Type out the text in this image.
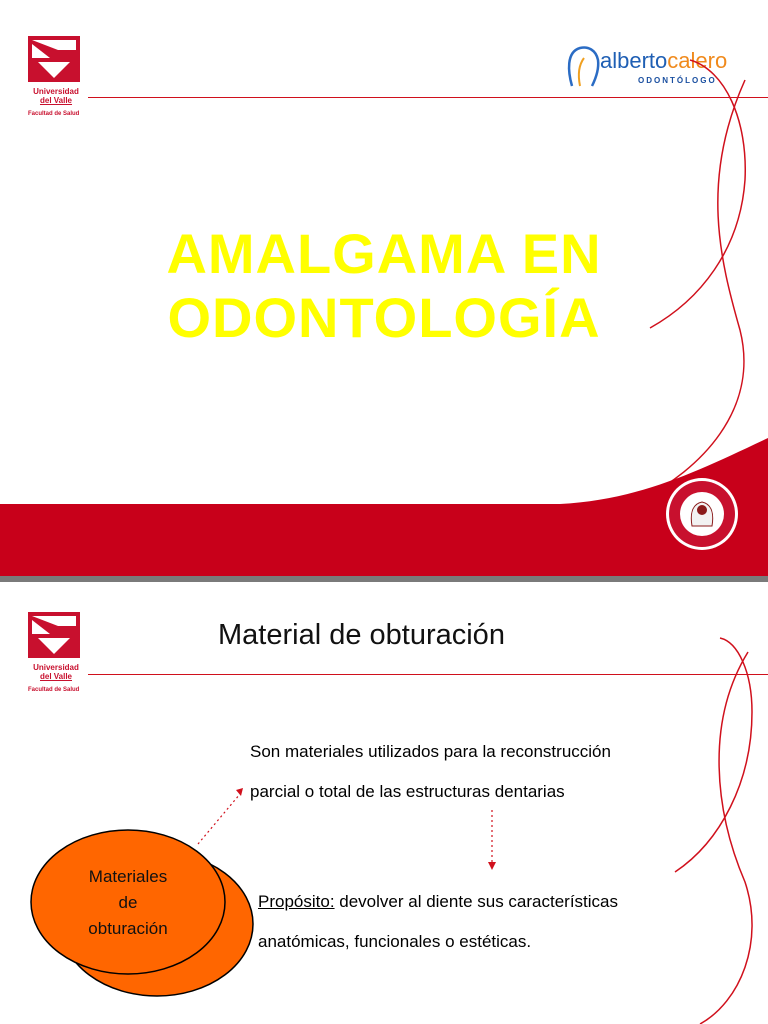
Universidad
del Valle
Facultad de Salud
albertocalero
ODONTÓLOGO
AMALGAMA EN
ODONTOLOGÍA
Universidad
del Valle
Facultad de Salud
Material de obturación
Son materiales utilizados para la reconstrucción
parcial o total de las estructuras dentarias
Propósito: devolver al diente sus características
anatómicas, funcionales o estéticas.
Materiales
de
obturación
